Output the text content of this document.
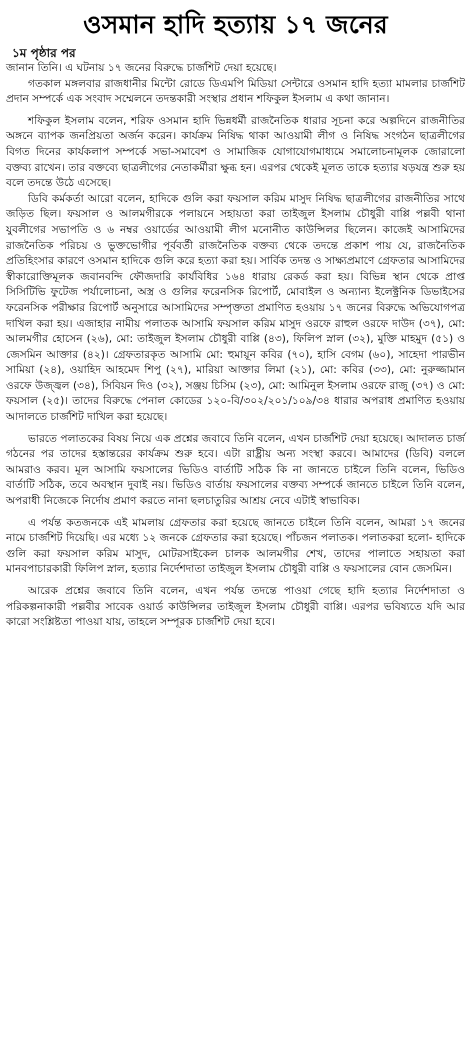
ওসমান হাদি হত্যায় ১৭ জনের
১ম পৃষ্ঠার পর

জানান তিনি। এ ঘটনায় ১৭ জনের বিরুদ্ধে চার্জশিট দেয়া হয়েছে।

গতকাল মঙ্গলবার রাজধানীর মিন্টো রোডে ডিএমপি মিডিয়া সেন্টারে ওসমান হাদি হত্যা মামলার চার্জশিট প্রদান সম্পর্কে এক সংবাদ সম্মেলনে তদন্তকারী সংস্থার প্রধান শফিকুল ইসলাম এ কথা জানান।

শফিকুল ইসলাম বলেন, শরিফ ওসমান হাদি ভিন্নধর্মী রাজনৈতিক ধারার সূচনা করে অল্পদিনে রাজনীতির অঙ্গনে ব্যাপক জনপ্রিয়তা অর্জন করেন। কার্যক্রম নিষিদ্ধ থাকা আওয়ামী লীগ ও নিষিদ্ধ সংগঠন ছাত্রলীগের বিগত দিনের কার্যকলাপ সম্পর্কে সভা-সমাবেশ ও সামাজিক যোগাযোগমাধ্যমে সমালোচনামূলক জোরালো বক্তব্য রাখেন। তার বক্তব্যে ছাত্রলীগের নেতাকর্মীরা ক্ষুব্ধ হন। এরপর থেকেই মূলত তাকে হত্যার ষড়যন্ত্র শুরু হয় বলে তদন্তে উঠে এসেছে।

ডিবি কর্মকর্তা আরো বলেন, হাদিকে গুলি করা ফয়সাল করিম মাসুদ নিষিদ্ধ ছাত্রলীগের রাজনীতির সাথে জড়িত ছিল। ফয়সাল ও আলমগীরকে পলায়নে সহায়তা করা তাইজুল ইসলাম চৌধুরী বাপ্পি পল্লবী থানা যুবলীগের সভাপতি ও ৬ নম্বর ওয়ার্ডের আওয়ামী লীগ মনোনীত কাউন্সিলর ছিলেন। কাজেই আসামিদের রাজনৈতিক পরিচয় ও ভুক্তভোগীর পূর্ববর্তী রাজনৈতিক বক্তব্য থেকে তদন্তে প্রকাশ পায় যে, রাজনৈতিক প্রতিহিংসার কারণে ওসমান হাদিকে গুলি করে হত্যা করা হয়। সার্বিক তদন্ত ও সাক্ষ্যপ্রমাণে গ্রেফতার আসামিদের স্বীকারোক্তিমূলক জবানবন্দি ফৌজদারি কার্যবিধির ১৬৪ ধারায় রেকর্ড করা হয়। বিভিন্ন স্থান থেকে প্রাপ্ত সিসিটিভি ফুটেজ পর্যালোচনা, অস্ত্র ও গুলির ফরেনসিক রিপোর্ট, মোবাইল ও অন্যান্য ইলেক্ট্রনিক ডিভাইসের ফরেনসিক পরীক্ষার রিপোর্ট অনুসারে আসামিদের সম্পৃক্ততা প্রমাণিত হওয়ায় ১৭ জনের বিরুদ্ধে অভিযোগপত্র দাখিল করা হয়। এজাহার নামীয় পলাতক আসামি ফয়সাল করিম মাসুদ ওরফে রাহুল ওরফে দাউদ (৩৭), মো: আলমগীর হোসেন (২৬), মো: তাইজুল ইসলাম চৌধুরী বাপ্পি (৪৩), ফিলিপ স্নাল (৩২), মুক্তি মাহমুদ (৫১) ও জেসমিন আক্তার (৪২)। গ্রেফতারকৃত আসামি মো: হুমায়ূন কবির (৭০), হাসি বেগম (৬০), সাহেদা পারভীন সামিয়া (২৪), ওয়াহিদ আহমেদ শিপু (২৭), মারিয়া আক্তার লিমা (২১), মো: কবির (৩৩), মো: নুরুজ্জামান ওরফে উজ্জ্বল (৩৪), সিবিয়ন দিও (৩২), সঞ্জয় চিসিম (২৩), মো: আমিনুল ইসলাম ওরফে রাজু (৩৭) ও মো: ফয়সাল (২৫)। তাদের বিরুদ্ধে পেনাল কোডের ১২০-বি/৩০২/২০১/১০৯/৩৪ ধারার অপরাধ প্রমাণিত হওয়ায় আদালতে চার্জশিট দাখিল করা হয়েছে।

ভারতে পলাতকের বিষয় নিয়ে এক প্রশ্নের জবাবে তিনি বলেন, এখন চার্জশিট দেয়া হয়েছে। আদালত চার্জ গঠনের পর তাদের হস্তান্তরের কার্যক্রম শুরু হবে। এটা রাষ্ট্রীয় অন্য সংস্থা করবে। আমাদের (ডিবি) বললে আমরাও করব। মূল আসামি ফয়সালের ভিডিও বার্তাটি সঠিক কি না জানতে চাইলে তিনি বলেন, ভিডিও বার্তাটি সঠিক, তবে অবস্থান দুবাই নয়। ভিডিও বার্তায় ফয়সালের বক্তব্য সম্পর্কে জানতে চাইলে তিনি বলেন, অপরাধী নিজেকে নির্দোষ প্রমাণ করতে নানা ছলচাতুরির আশ্রয় নেবে এটাই স্বাভাবিক।

এ পর্যন্ত কতজনকে এই মামলায় গ্রেফতার করা হয়েছে জানতে চাইলে তিনি বলেন, আমরা ১৭ জনের নামে চার্জশিট দিয়েছি। এর মধ্যে ১২ জনকে গ্রেফতার করা হয়েছে। পাঁচজন পলাতক। পলাতকরা হলো- হাদিকে গুলি করা ফয়সাল করিম মাসুদ, মোটরসাইকেল চালক আলমগীর শেখ, তাদের পালাতে সহায়তা করা মানবপাচারকারী ফিলিপ স্নাল, হত্যার নির্দেশদাতা তাইজুল ইসলাম চৌধুরী বাপ্পি ও ফয়সালের বোন জেসমিন।

আরেক প্রশ্নের জবাবে তিনি বলেন, এখন পর্যন্ত তদন্তে পাওয়া গেছে হাদি হত্যার নির্দেশদাতা ও পরিকল্পনাকারী পল্লবীর সাবেক ওয়ার্ড কাউন্সিলর তাইজুল ইসলাম চৌধুরী বাপ্পি। এরপর ভবিষ্যতে যদি আর কারো সংশ্লিষ্টতা পাওয়া যায়, তাহলে সম্পূরক চার্জশিট দেয়া হবে।
